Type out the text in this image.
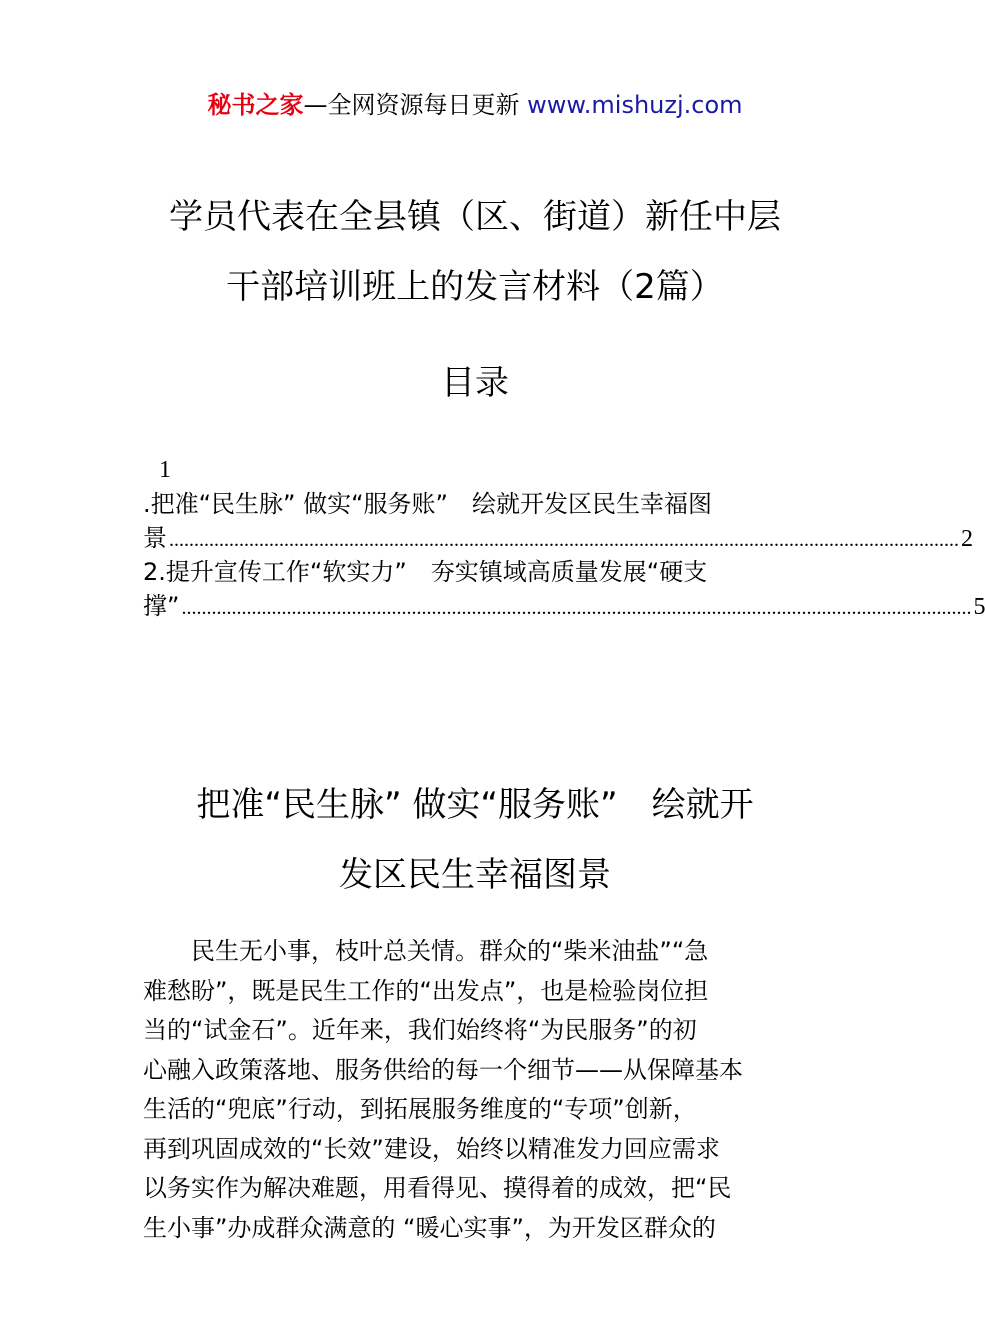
秘书之家—全网资源每日更新 www.mishuzj.com
学员代表在全县镇（区、街道）新任中层
干部培训班上的发言材料（2篇）
目录
1
.把准“民生脉” 做实“服务账”　绘就开发区民生幸福图
景 .............................................................................................................................................................. 2
2.提升宣传工作“软实力”　夯实镇域高质量发展“硬支
撑” .............................................................................................................................................................. 5
把准“民生脉” 做实“服务账”　绘就开
发区民生幸福图景
民生无小事，枝叶总关情。群众的“柴米油盐”“急
难愁盼”，既是民生工作的“出发点”，也是检验岗位担
当的“试金石”。近年来，我们始终将“为民服务”的初
心融入政策落地、服务供给的每一个细节——从保障基本
生活的“兜底”行动，到拓展服务维度的“专项”创新，
再到巩固成效的“长效”建设，始终以精准发力回应需求
以务实作为解决难题，用看得见、摸得着的成效，把“民
生小事”办成群众满意的 “暖心实事”，为开发区群众的
